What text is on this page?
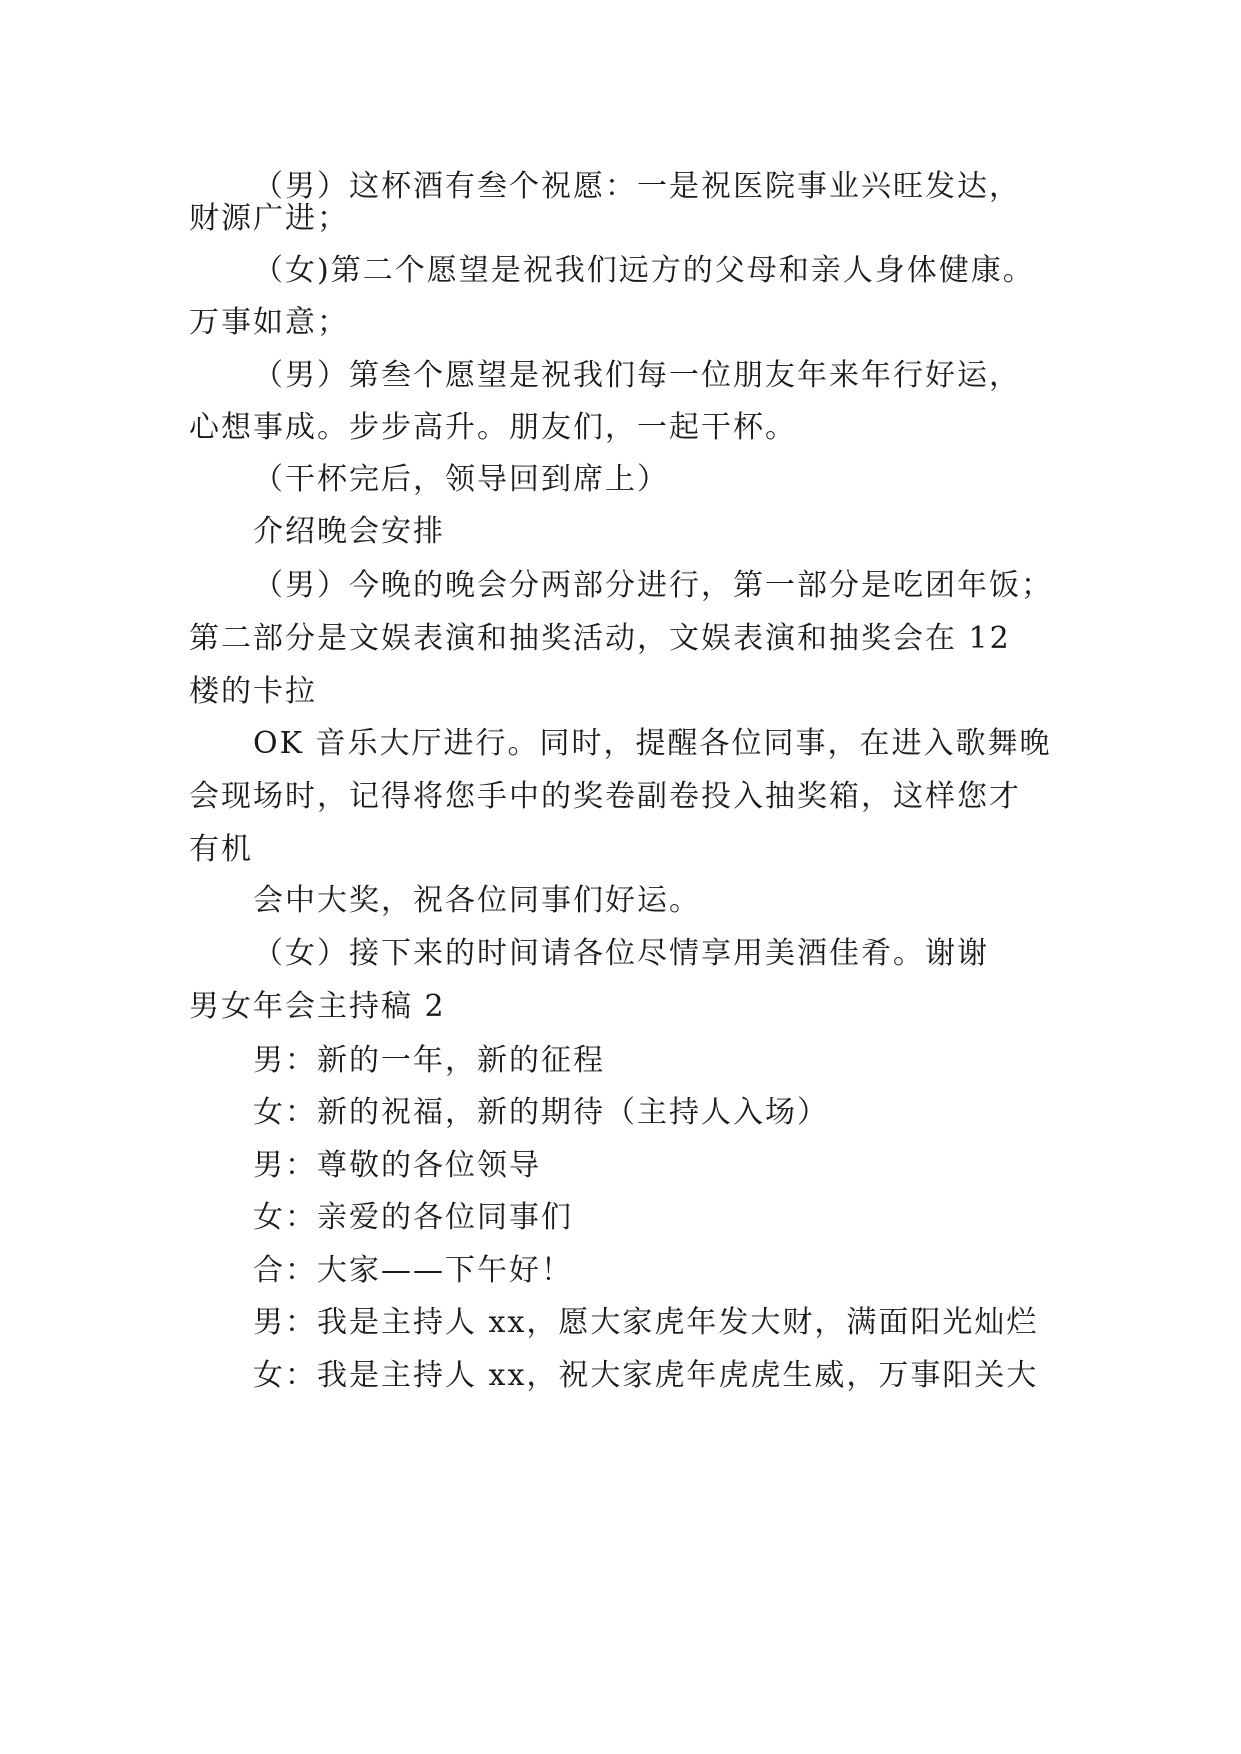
（男）这杯酒有叁个祝愿：一是祝医院事业兴旺发达，
财源广进；
（女)第二个愿望是祝我们远方的父母和亲人身体健康。
万事如意；
（男）第叁个愿望是祝我们每一位朋友年来年行好运，
心想事成。步步高升。朋友们，一起干杯。
（干杯完后，领导回到席上）
介绍晚会安排
（男）今晚的晚会分两部分进行，第一部分是吃团年饭；
第二部分是文娱表演和抽奖活动，文娱表演和抽奖会在 12
楼的卡拉
OK 音乐大厅进行。同时，提醒各位同事，在进入歌舞晚
会现场时，记得将您手中的奖卷副卷投入抽奖箱，这样您才
有机
会中大奖，祝各位同事们好运。
（女）接下来的时间请各位尽情享用美酒佳肴。谢谢
男女年会主持稿 2
男：新的一年，新的征程
女：新的祝福，新的期待（主持人入场）
男：尊敬的各位领导
女：亲爱的各位同事们
合：大家——下午好！
男：我是主持人 xx，愿大家虎年发大财，满面阳光灿烂
女：我是主持人 xx，祝大家虎年虎虎生威，万事阳关大
